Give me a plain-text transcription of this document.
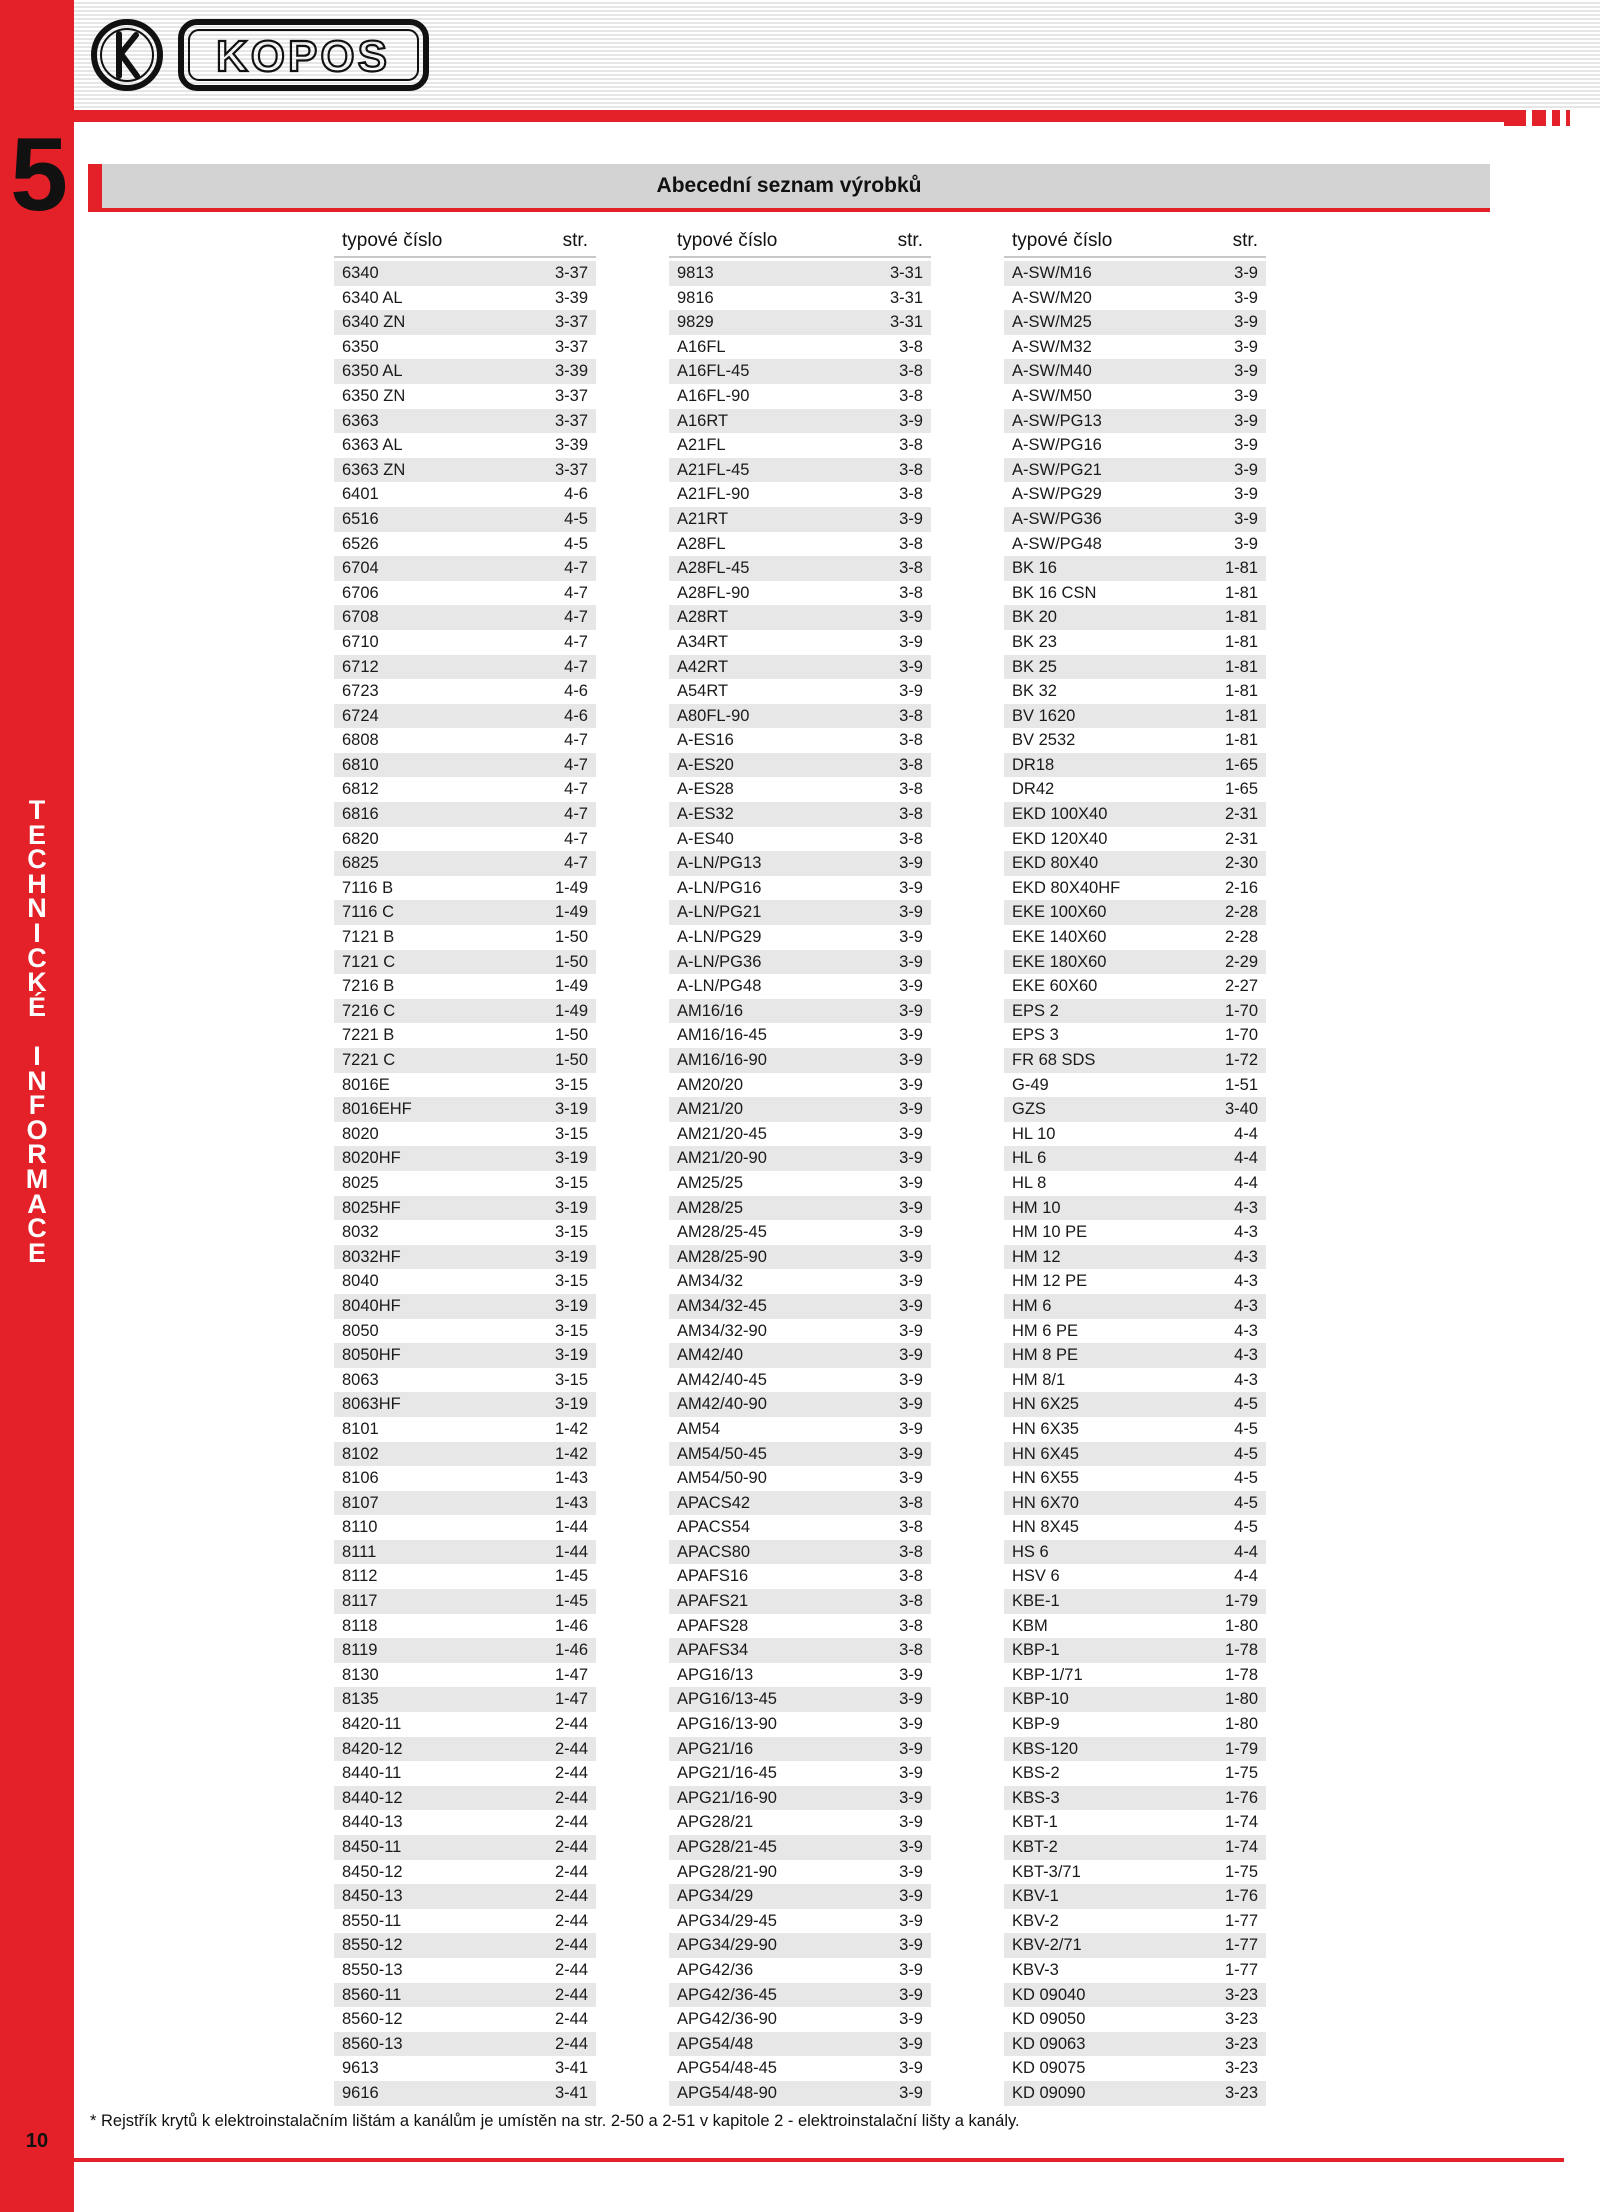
KOPOS
5
T
E
C
H
N
I
C
K
É
I
N
F
O
R
M
A
C
E
10
Abecední seznam výrobků
typové číslo	str.
6340	3-37
6340 AL	3-39
6340 ZN	3-37
6350	3-37
6350 AL	3-39
6350 ZN	3-37
6363	3-37
6363 AL	3-39
6363 ZN	3-37
6401	4-6
6516	4-5
6526	4-5
6704	4-7
6706	4-7
6708	4-7
6710	4-7
6712	4-7
6723	4-6
6724	4-6
6808	4-7
6810	4-7
6812	4-7
6816	4-7
6820	4-7
6825	4-7
7116 B	1-49
7116 C	1-49
7121 B	1-50
7121 C	1-50
7216 B	1-49
7216 C	1-49
7221 B	1-50
7221 C	1-50
8016E	3-15
8016EHF	3-19
8020	3-15
8020HF	3-19
8025	3-15
8025HF	3-19
8032	3-15
8032HF	3-19
8040	3-15
8040HF	3-19
8050	3-15
8050HF	3-19
8063	3-15
8063HF	3-19
8101	1-42
8102	1-42
8106	1-43
8107	1-43
8110	1-44
8111	1-44
8112	1-45
8117	1-45
8118	1-46
8119	1-46
8130	1-47
8135	1-47
8420-11	2-44
8420-12	2-44
8440-11	2-44
8440-12	2-44
8440-13	2-44
8450-11	2-44
8450-12	2-44
8450-13	2-44
8550-11	2-44
8550-12	2-44
8550-13	2-44
8560-11	2-44
8560-12	2-44
8560-13	2-44
9613	3-41
9616	3-41
typové číslo	str.
9813	3-31
9816	3-31
9829	3-31
A16FL	3-8
A16FL-45	3-8
A16FL-90	3-8
A16RT	3-9
A21FL	3-8
A21FL-45	3-8
A21FL-90	3-8
A21RT	3-9
A28FL	3-8
A28FL-45	3-8
A28FL-90	3-8
A28RT	3-9
A34RT	3-9
A42RT	3-9
A54RT	3-9
A80FL-90	3-8
A-ES16	3-8
A-ES20	3-8
A-ES28	3-8
A-ES32	3-8
A-ES40	3-8
A-LN/PG13	3-9
A-LN/PG16	3-9
A-LN/PG21	3-9
A-LN/PG29	3-9
A-LN/PG36	3-9
A-LN/PG48	3-9
AM16/16	3-9
AM16/16-45	3-9
AM16/16-90	3-9
AM20/20	3-9
AM21/20	3-9
AM21/20-45	3-9
AM21/20-90	3-9
AM25/25	3-9
AM28/25	3-9
AM28/25-45	3-9
AM28/25-90	3-9
AM34/32	3-9
AM34/32-45	3-9
AM34/32-90	3-9
AM42/40	3-9
AM42/40-45	3-9
AM42/40-90	3-9
AM54	3-9
AM54/50-45	3-9
AM54/50-90	3-9
APACS42	3-8
APACS54	3-8
APACS80	3-8
APAFS16	3-8
APAFS21	3-8
APAFS28	3-8
APAFS34	3-8
APG16/13	3-9
APG16/13-45	3-9
APG16/13-90	3-9
APG21/16	3-9
APG21/16-45	3-9
APG21/16-90	3-9
APG28/21	3-9
APG28/21-45	3-9
APG28/21-90	3-9
APG34/29	3-9
APG34/29-45	3-9
APG34/29-90	3-9
APG42/36	3-9
APG42/36-45	3-9
APG42/36-90	3-9
APG54/48	3-9
APG54/48-45	3-9
APG54/48-90	3-9
typové číslo	str.
A-SW/M16	3-9
A-SW/M20	3-9
A-SW/M25	3-9
A-SW/M32	3-9
A-SW/M40	3-9
A-SW/M50	3-9
A-SW/PG13	3-9
A-SW/PG16	3-9
A-SW/PG21	3-9
A-SW/PG29	3-9
A-SW/PG36	3-9
A-SW/PG48	3-9
BK 16	1-81
BK 16 CSN	1-81
BK 20	1-81
BK 23	1-81
BK 25	1-81
BK 32	1-81
BV 1620	1-81
BV 2532	1-81
DR18	1-65
DR42	1-65
EKD 100X40	2-31
EKD 120X40	2-31
EKD 80X40	2-30
EKD 80X40HF	2-16
EKE 100X60	2-28
EKE 140X60	2-28
EKE 180X60	2-29
EKE 60X60	2-27
EPS 2	1-70
EPS 3	1-70
FR 68 SDS	1-72
G-49	1-51
GZS	3-40
HL 10	4-4
HL 6	4-4
HL 8	4-4
HM 10	4-3
HM 10 PE	4-3
HM 12	4-3
HM 12 PE	4-3
HM 6	4-3
HM 6 PE	4-3
HM 8 PE	4-3
HM 8/1	4-3
HN 6X25	4-5
HN 6X35	4-5
HN 6X45	4-5
HN 6X55	4-5
HN 6X70	4-5
HN 8X45	4-5
HS 6	4-4
HSV 6	4-4
KBE-1	1-79
KBM	1-80
KBP-1	1-78
KBP-1/71	1-78
KBP-10	1-80
KBP-9	1-80
KBS-120	1-79
KBS-2	1-75
KBS-3	1-76
KBT-1	1-74
KBT-2	1-74
KBT-3/71	1-75
KBV-1	1-76
KBV-2	1-77
KBV-2/71	1-77
KBV-3	1-77
KD 09040	3-23
KD 09050	3-23
KD 09063	3-23
KD 09075	3-23
KD 09090	3-23
* Rejstřík krytů k elektroinstalačním lištám a kanálům je umístěn na str. 2-50 a 2-51 v kapitole 2 - elektroinstalační lišty a kanály.
